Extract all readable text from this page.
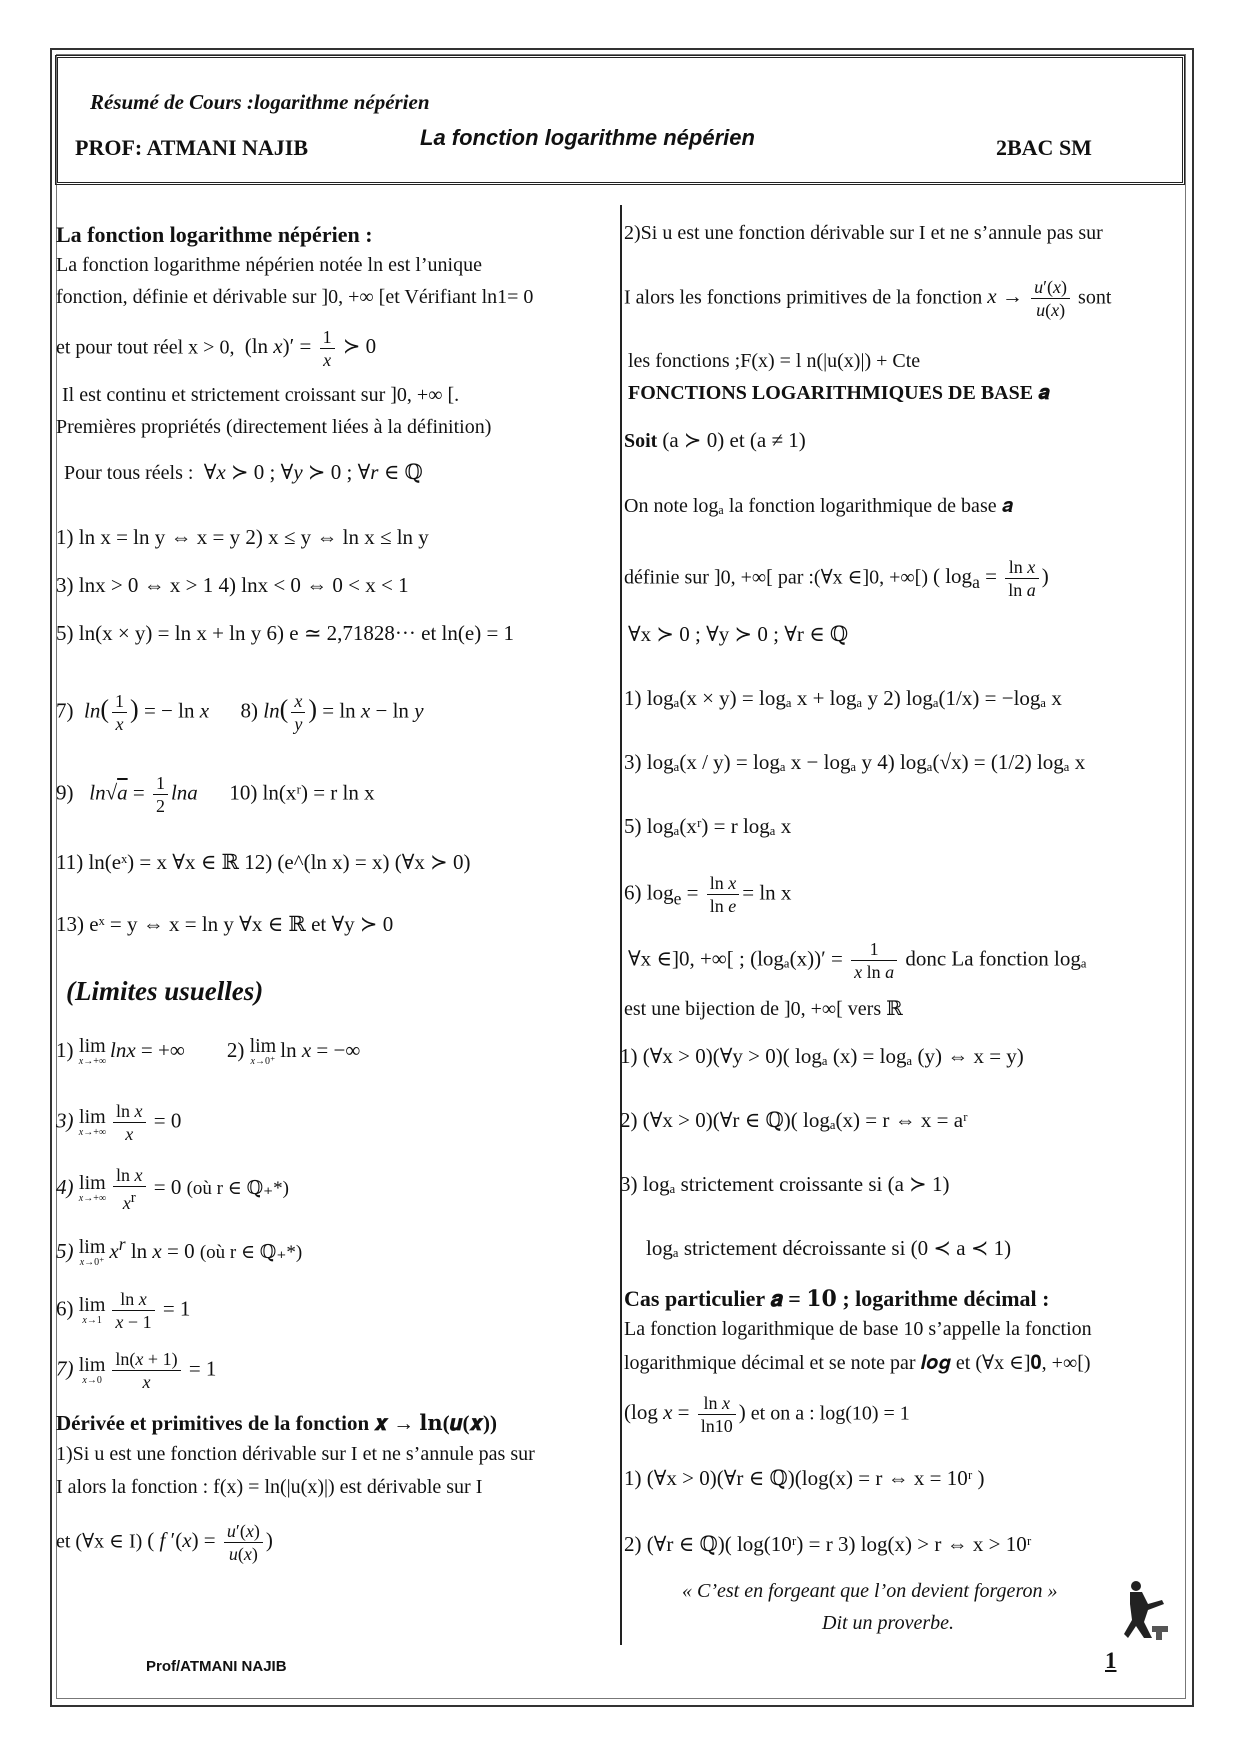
Résumé de Cours :logarithme népérien
PROF: ATMANI NAJIB	La fonction logarithme népérien	2BAC SM
La fonction logarithme népérien :
La fonction logarithme népérien notée ln est l’unique
fonction, définie et dérivable sur ]0, +∞ [et Vérifiant ln1= 0
et pour tout réel x > 0,  (ln $x)' = \frac{1}{x}$ ≻ 0
Il est continu et strictement croissant sur ]0, +∞ [.
Premières propriétés (directement liées à la définition)
Pour tous réels :  ∀x ≻ 0 ; ∀y ≻ 0 ; ∀r ∈ ℚ
1) ln x = ln y ⇔ x = y 2) x ≤ y ⇔ ln x ≤ ln y
3) lnx > 0 ⇔ x > 1 4) lnx < 0 ⇔ 0 < x < 1
5) ln(x × y) = ln x + ln y 6) e ≃ 2,71828··· et ln(e) = 1
7)  $\ln( \frac{1}{x}$ ) = − ln x 8) $\ln( \frac{x}{y}$ ) = ln x − ln y
9)   $\ln√a = \frac{1}{2}$ lna 10) ln(xʳ) = r ln x
11) ln(eˣ) = x ∀x ∈ ℝ 12) (e^(ln x) = x) (∀x ≻ 0)
13) eˣ = y ⇔ x = ln y ∀x ∈ ℝ et ∀y ≻ 0
(Limites usuelles)
1) lim
x→+∞ lnx = +∞        2) lim
x→0⁺ ln x = −∞
3) lim
$x\to+\infty \frac{\text{ln x}}{x} = 0$
4) lim
$x\to+\infty \frac{\text{ln x}}{x^r} = 0$ (où r ∈ ℚ₊*)
5) lim
x→0⁺ $x^r$ ln x = 0 (où r ∈ ℚ₊*)
6) lim
$x\to 1 \frac{\text{ln x}}{x - 1} = 1$
7) lim
$x\to 0 \frac{\ln(x + 1)}{x} = 1$
Dérivée et primitives de la fonction 𝒙 → 𝐥𝐧(𝒖(𝒙))
1)Si u est une fonction dérivable sur I et ne s’annule pas sur
I alors la fonction : f(x) = ln(|u(x)|) est dérivable sur I
et (∀x ∈ I) ( f $'(x) = \frac{u'(x)}{u(x)}$ )
2)Si u est une fonction dérivable sur I et ne s’annule pas sur
I alors les fonctions primitives de la fonction $x \to \frac{u'(x)}{u(x)}$ sont
les fonctions ;F(x) = l n(|u(x)|) + Cte
FONCTIONS LOGARITHMIQUES DE BASE 𝒂
Soit (a ≻ 0) et (a ≠ 1)
On note logₐ la fonction logarithmique de base 𝒂
définie sur ]0, +∞[ par :(∀x ∈]0, +∞[) ( $\log_a = \frac{\text{ln x}}{\text{ln a}}$ )
∀x ≻ 0 ; ∀y ≻ 0 ; ∀r ∈ ℚ
1) logₐ(x × y) = logₐ x + logₐ y 2) logₐ(1/x) = −logₐ x
3) logₐ(x / y) = logₐ x − logₐ y 4) logₐ(√x) = (1/2) logₐ x
5) logₐ(xʳ) = r logₐ x
6) $\log_e = \frac{\text{ln x}}{\text{ln e}} = \ln x$
∀x ∈]0, +∞[ ; $(\log_a(x))' = \frac{1}{\text{x ln a}}$ donc La fonction logₐ
est une bijection de ]0, +∞[ vers ℝ
1) (∀x > 0)(∀y > 0)( logₐ (x) = logₐ (y) ⇔ x = y)
2) (∀x > 0)(∀r ∈ ℚ)( logₐ(x) = r ⇔ x = aʳ
3) logₐ strictement croissante si (a ≻ 1)
logₐ strictement décroissante si (0 ≺ a ≺ 1)
Cas particulier 𝒂 = 𝟏𝟎 ; logarithme décimal :
La fonction logarithmique de base 10 s’appelle la fonction
logarithmique décimal et se note par 𝒍𝒐𝒈 et (∀x ∈]𝟎, +∞[)
(log $x = \frac{\text{ln x}}{\ln 10}$ ) et on a : log(10) = 1
1) (∀x > 0)(∀r ∈ ℚ)(log(x) = r ⇔ x = 10ʳ )
2) (∀r ∈ ℚ)( log(10ʳ) = r 3) log(x) > r ⇔ x > 10ʳ
« C’est en forgeant que l’on devient forgeron »
Dit un proverbe.
Prof/ATMANI NAJIB	1
